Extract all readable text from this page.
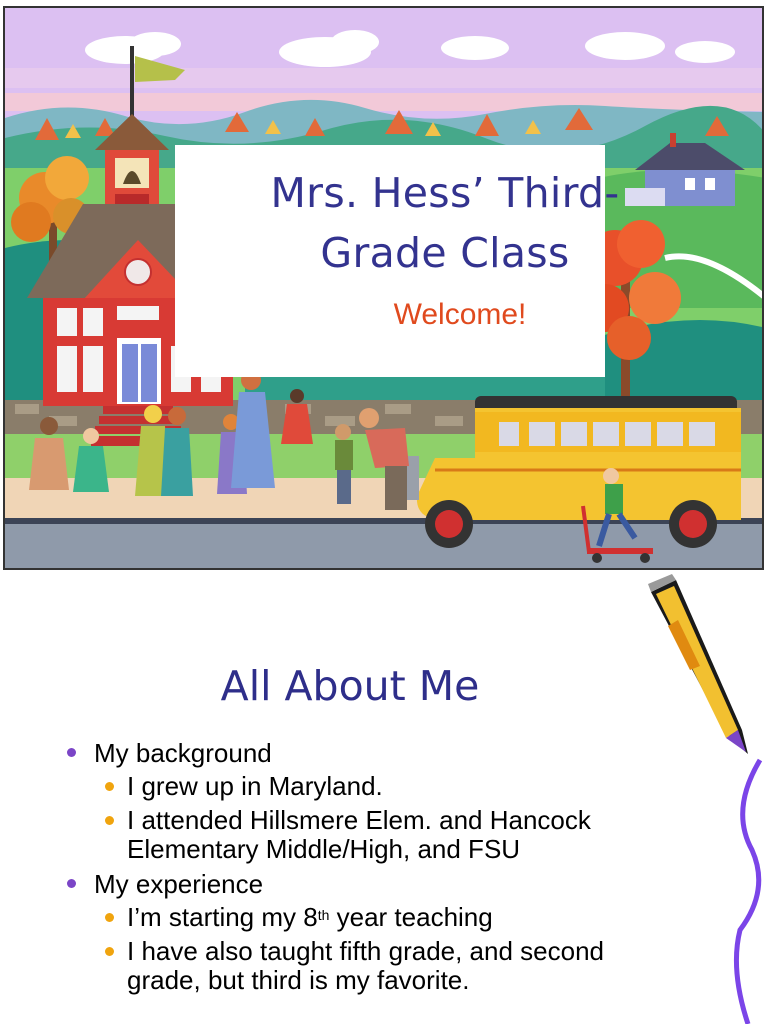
Mrs. Hess’ Third-
Grade Class
Welcome!
All About Me
My background
I grew up in Maryland.
I attended Hillsmere Elem. and Hancock Elementary Middle/High, and FSU
My experience
I’m starting my 8th year teaching
I have also taught fifth grade, and second grade, but third is my favorite.
